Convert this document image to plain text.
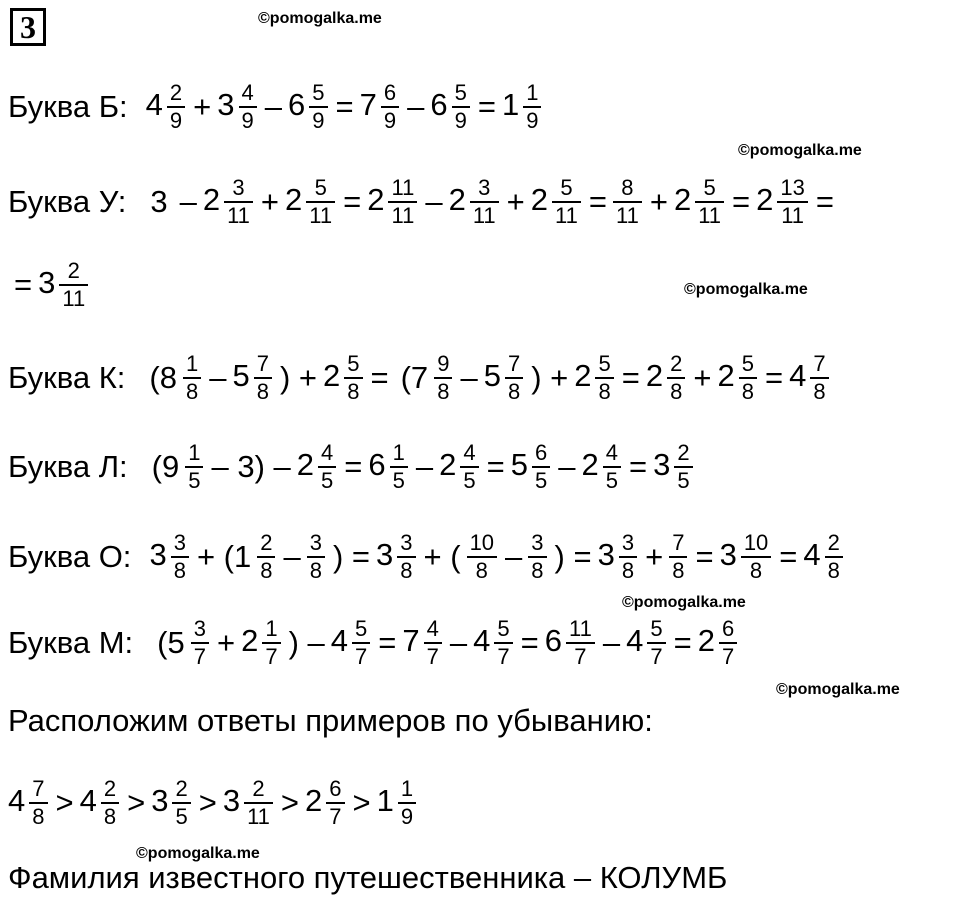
3	©pomogalka.me
©pomogalka.me
©pomogalka.me
©pomogalka.me
©pomogalka.me
©pomogalka.me
Буква Б: $4 \frac{2}{9} + 3 \frac{4}{9} - 6 \frac{5}{9} = 7 \frac{6}{9} - 6 \frac{5}{9} = 1 \frac{1}{9}$
Буква У: $3 - 2 \frac{3}{11} + 2 \frac{5}{11} = 2 \frac{11}{11} - 2 \frac{3}{11} + 2 \frac{5}{11} = \frac{8}{11} + 2 \frac{5}{11} = 2 \frac{13}{11}$ =
= $3 \frac{2}{11}$
Буква К: ($8 \frac{1}{8} - 5 \frac{7}{8}$ ) + $2 \frac{5}{8} = (7 \frac{9}{8} - 5 \frac{7}{8}$ ) + $2 \frac{5}{8} = 2 \frac{2}{8} + 2 \frac{5}{8} = 4 \frac{7}{8}$
Буква Л: $(9 \frac{1}{5} - 3) - 2 \frac{4}{5} = 6 \frac{1}{5} - 2 \frac{4}{5} = 5 \frac{6}{5} - 2 \frac{4}{5} = 3 \frac{2}{5}$
Буква О: $3 \frac{3}{8} + (1 \frac{2}{8} - \frac{3}{8}$ ) = $3 \frac{3}{8}$ + ( $\frac{10}{8} - \frac{3}{8}$ ) = $3 \frac{3}{8} + \frac{7}{8} = 3 \frac{10}{8} = 4 \frac{2}{8}$
Буква М: ($5 \frac{3}{7} + 2 \frac{1}{7}$ ) – $4 \frac{5}{7} = 7 \frac{4}{7} - 4 \frac{5}{7} = 6 \frac{11}{7} - 4 \frac{5}{7} = 2 \frac{6}{7}$
Расположим ответы примеров по убыванию:
$4 \frac{7}{8} > 4 \frac{2}{8} > 3 \frac{2}{5} > 3 \frac{2}{11} > 2 \frac{6}{7} > 1 \frac{1}{9}$
Фамилия известного путешественника – КОЛУМБ
